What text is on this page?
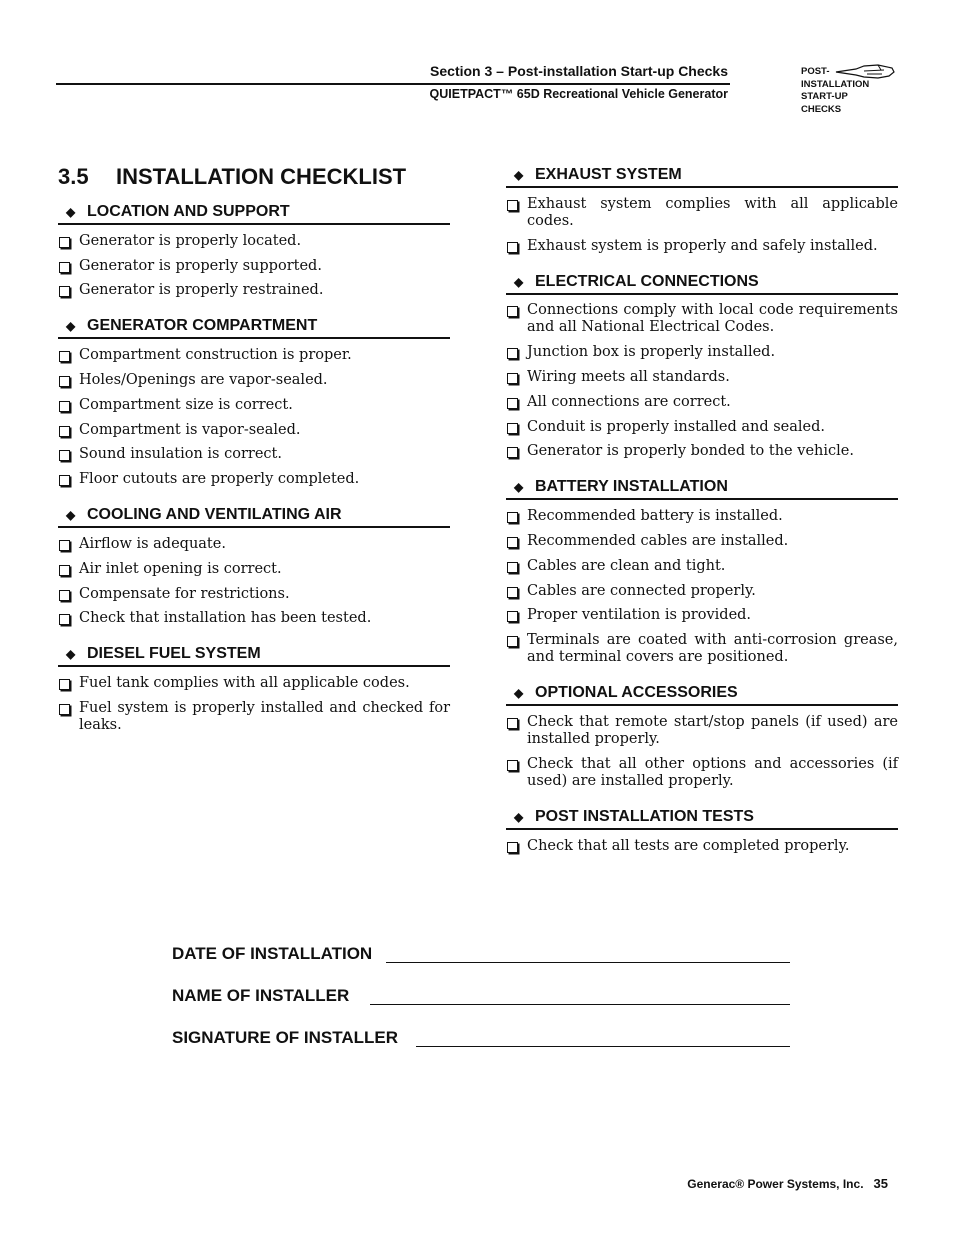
Section 3 – Post-installation Start-up Checks
QUIETPACT™ 65D Recreational Vehicle Generator
POST-
INSTALLATION
START-UP
CHECKS
3.5 INSTALLATION CHECKLIST
◆ LOCATION AND SUPPORT
Generator is properly located.
Generator is properly supported.
Generator is properly restrained.
◆ GENERATOR COMPARTMENT
Compartment construction is proper.
Holes/Openings are vapor-sealed.
Compartment size is correct.
Compartment is vapor-sealed.
Sound insulation is correct.
Floor cutouts are properly completed.
◆ COOLING AND VENTILATING AIR
Airflow is adequate.
Air inlet opening is correct.
Compensate for restrictions.
Check that installation has been tested.
◆ DIESEL FUEL SYSTEM
Fuel tank complies with all applicable codes.
Fuel system is properly installed and checked for leaks.
◆ EXHAUST SYSTEM
Exhaust system complies with all applicable codes.
Exhaust system is properly and safely installed.
◆ ELECTRICAL CONNECTIONS
Connections comply with local code requirements and all National Electrical Codes.
Junction box is properly installed.
Wiring meets all standards.
All connections are correct.
Conduit is properly installed and sealed.
Generator is properly bonded to the vehicle.
◆ BATTERY INSTALLATION
Recommended battery is installed.
Recommended cables are installed.
Cables are clean and tight.
Cables are connected properly.
Proper ventilation is provided.
Terminals are coated with anti-corrosion grease, and terminal covers are positioned.
◆ OPTIONAL ACCESSORIES
Check that remote start/stop panels (if used) are installed properly.
Check that all other options and accessories (if used) are installed properly.
◆ POST INSTALLATION TESTS
Check that all tests are completed properly.
DATE OF INSTALLATION
NAME OF INSTALLER
SIGNATURE OF INSTALLER
Generac® Power Systems, Inc. 35
